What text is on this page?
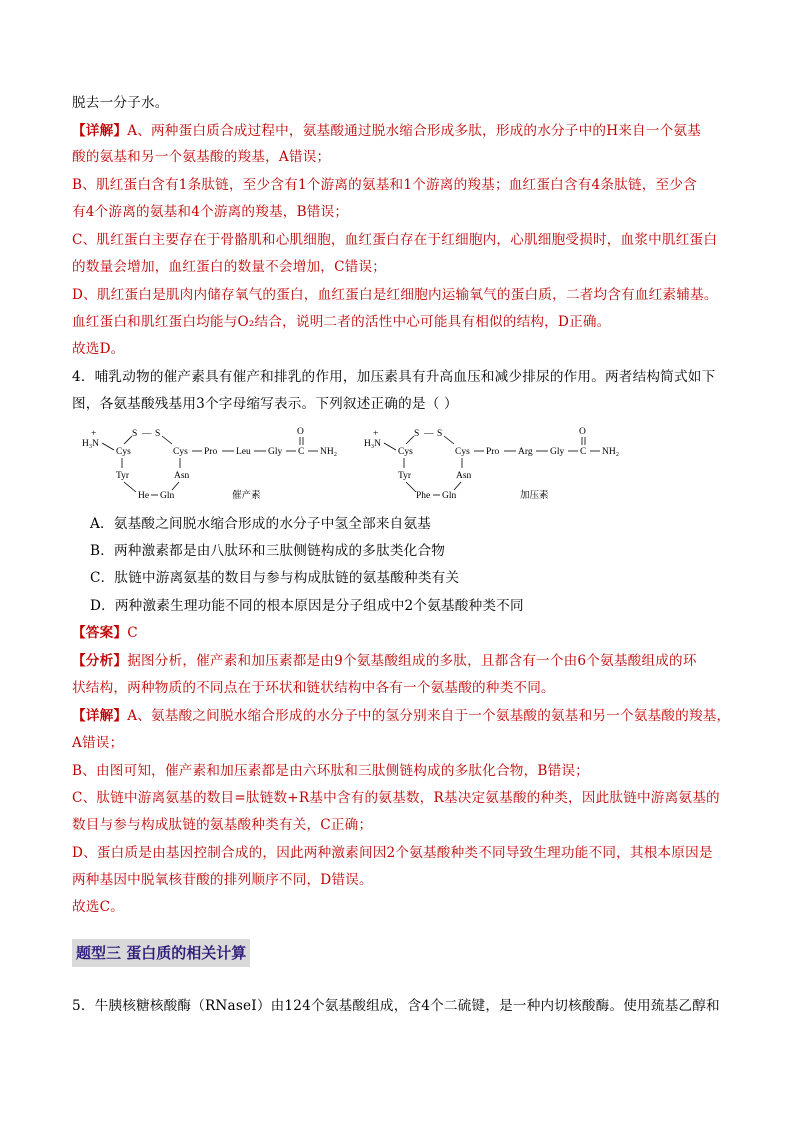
脱去一分子水。
【详解】A、两种蛋白质合成过程中，氨基酸通过脱水缩合形成多肽，形成的水分子中的H来自一个氨基
酸的氨基和另一个氨基酸的羧基，A错误；
B、肌红蛋白含有1条肽链，至少含有1个游离的氨基和1个游离的羧基；血红蛋白含有4条肽链，至少含
有4个游离的氨基和4个游离的羧基，B错误；
C、肌红蛋白主要存在于骨骼肌和心肌细胞，血红蛋白存在于红细胞内，心肌细胞受损时，血浆中肌红蛋白
的数量会增加，血红蛋白的数量不会增加，C错误；
D、肌红蛋白是肌肉内储存氧气的蛋白，血红蛋白是红细胞内运输氧气的蛋白质，二者均含有血红素辅基。
血红蛋白和肌红蛋白均能与O₂结合，说明二者的活性中心可能具有相似的结构，D正确。
故选D。
4．哺乳动物的催产素具有催产和排乳的作用，加压素具有升高血压和减少排尿的作用。两者结构简式如下
图，各氨基酸残基用3个字母缩写表示。下列叙述正确的是（ ）
H₃N
+
Cys
S — S
Cys Pro Leu Gly C
O
NH₂
Tyr	Asn
He Gln	催产素
H₃N
+
Cys
S — S
Cys Pro Arg Gly C
O
NH₂
Tyr	Asn
Phe Gln	加压素
A．氨基酸之间脱水缩合形成的水分子中氢全部来自氨基
B．两种激素都是由八肽环和三肽侧链构成的多肽类化合物
C．肽链中游离氨基的数目与参与构成肽链的氨基酸种类有关
D．两种激素生理功能不同的根本原因是分子组成中2个氨基酸种类不同
【答案】C
【分析】据图分析，催产素和加压素都是由9个氨基酸组成的多肽，且都含有一个由6个氨基酸组成的环
状结构，两种物质的不同点在于环状和链状结构中各有一个氨基酸的种类不同。
【详解】A、氨基酸之间脱水缩合形成的水分子中的氢分别来自于一个氨基酸的氨基和另一个氨基酸的羧基，
A错误；
B、由图可知，催产素和加压素都是由六环肽和三肽侧链构成的多肽化合物，B错误；
C、肽链中游离氨基的数目=肽链数+R基中含有的氨基数，R基决定氨基酸的种类，因此肽链中游离氨基的
数目与参与构成肽链的氨基酸种类有关，C正确；
D、蛋白质是由基因控制合成的，因此两种激素间因2个氨基酸种类不同导致生理功能不同，其根本原因是
两种基因中脱氧核苷酸的排列顺序不同，D错误。
故选C。
题型三 蛋白质的相关计算
5．牛胰核糖核酸酶（RNaseI）由124个氨基酸组成，含4个二硫键，是一种内切核酸酶。使用巯基乙醇和
